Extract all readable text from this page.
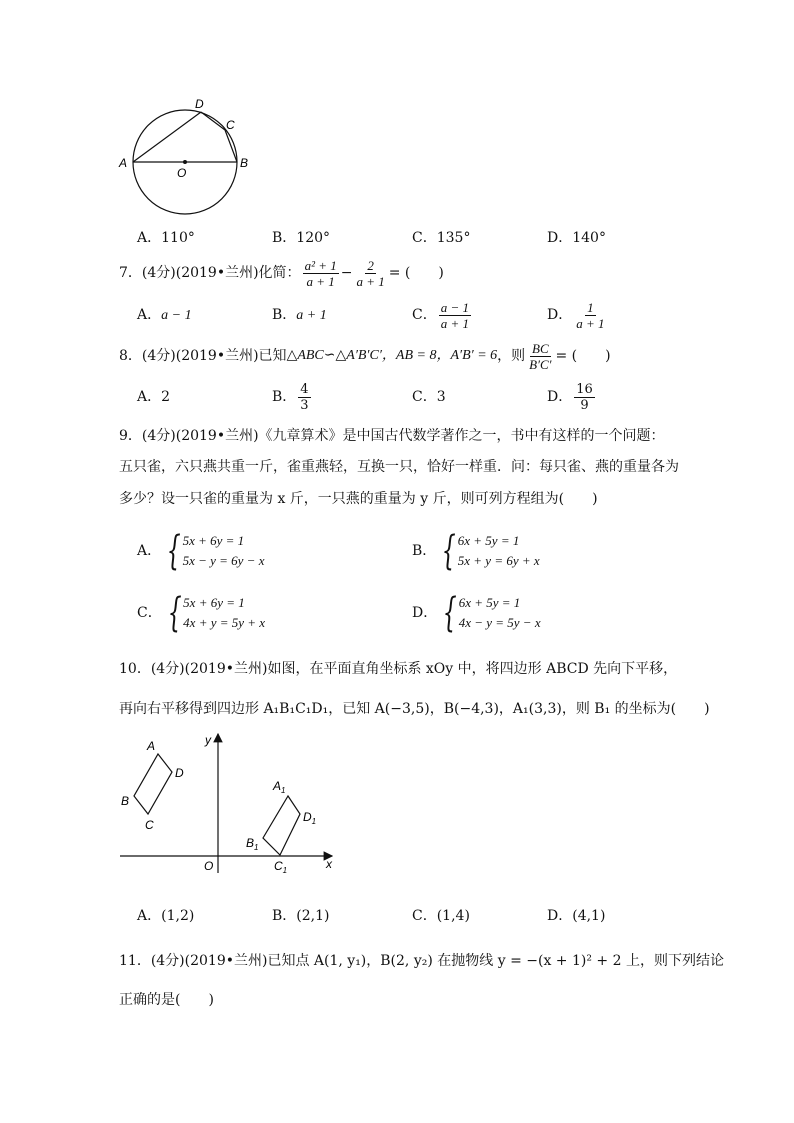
A	B
C
D
O
A．110°	B．120°	C．135°	D．140°
7．(4分)(2019•兰州)化简： $\frac{\text{a² + 1}}{a + 1} - \frac{2}{a + 1}$ = (　　)
A．a − 1	B．a + 1	C． $\frac{a - 1}{a + 1}$	D． $\frac{1}{a + 1}$
8．(4分)(2019•兰州)已知 △ABC∽△A′B′C′ ，AB = 8 ，A′B′ = 6 ，则 $\frac{BC}{B'C'}$ = (　　)
A．2	B． $\frac{4}{3}$	C．3	D． $\frac{16}{9}$
9．(4分)(2019•兰州)《九章算术》是中国古代数学著作之一，书中有这样的一个问题：
五只雀，六只燕共重一斤，雀重燕轻，互换一只，恰好一样重．问：每只雀、燕的重量各为
多少？设一只雀的重量为 x 斤，一只燕的重量为 y 斤，则可列方程组为(　　)
A． { 5x + 6y = 1
5x − y = 6y − x
B． { 6x + 5y = 1
5x + y = 6y + x
C． { 5x + 6y = 1
4x + y = 5y + x
D． { 6x + 5y = 1
4x − y = 5y − x
10．(4分)(2019•兰州)如图，在平面直角坐标系 xOy 中，将四边形 ABCD 先向下平移，
再向右平移得到四边形 A₁B₁C₁D₁，已知 A(−3,5)，B(−4,3)，A₁(3,3)，则 B₁ 的坐标为(　　)
x
y
O
A
D
B
C
$A_1$
$D_1$
$B_1$
$C_1$
A．(1,2)	B．(2,1)	C．(1,4)	D．(4,1)
11．(4分)(2019•兰州)已知点 A(1, y₁)，B(2, y₂) 在抛物线 y = −(x + 1)² + 2 上，则下列结论
正确的是(　　)
